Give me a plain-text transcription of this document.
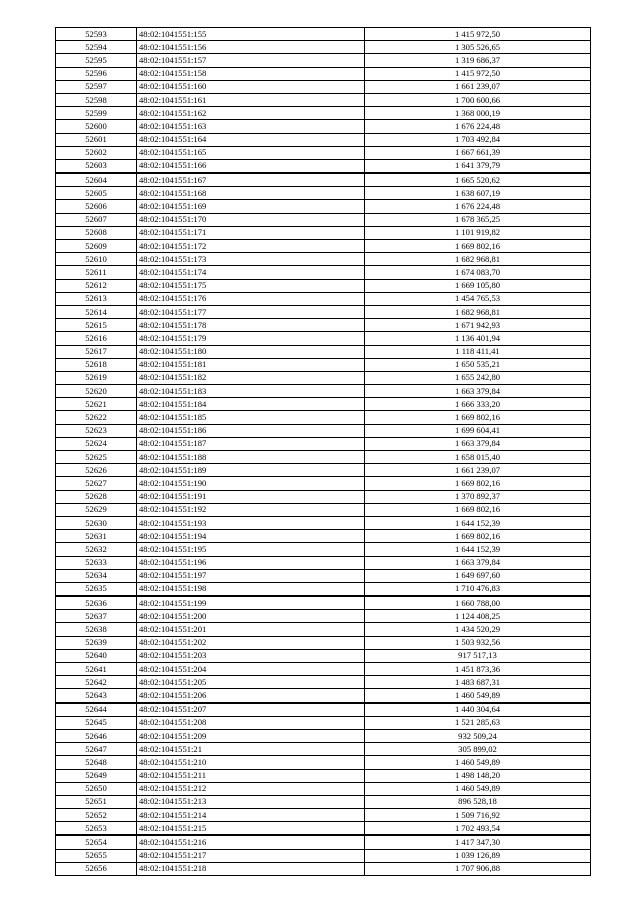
52593	48:02:1041551:155	1 415 972,50
52594	48:02:1041551:156	1 305 526,65
52595	48:02:1041551:157	1 319 686,37
52596	48:02:1041551:158	1 415 972,50
52597	48:02:1041551:160	1 661 239,07
52598	48:02:1041551:161	1 700 600,66
52599	48:02:1041551:162	1 368 000,19
52600	48:02:1041551:163	1 676 224,48
52601	48:02:1041551:164	1 703 492,84
52602	48:02:1041551:165	1 667 661,39
52603	48:02:1041551:166	1 641 379,79
52604	48:02:1041551:167	1 665 520,62
52605	48:02:1041551:168	1 638 607,19
52606	48:02:1041551:169	1 676 224,48
52607	48:02:1041551:170	1 678 365,25
52608	48:02:1041551:171	1 101 919,82
52609	48:02:1041551:172	1 669 802,16
52610	48:02:1041551:173	1 682 968,81
52611	48:02:1041551:174	1 674 083,70
52612	48:02:1041551:175	1 669 105,80
52613	48:02:1041551:176	1 454 765,53
52614	48:02:1041551:177	1 682 968,81
52615	48:02:1041551:178	1 671 942,93
52616	48:02:1041551:179	1 136 401,94
52617	48:02:1041551:180	1 118 411,41
52618	48:02:1041551:181	1 650 535,21
52619	48:02:1041551:182	1 655 242,80
52620	48:02:1041551:183	1 663 379,84
52621	48:02:1041551:184	1 666 333,20
52622	48:02:1041551:185	1 669 802,16
52623	48:02:1041551:186	1 699 604,41
52624	48:02:1041551:187	1 663 379,84
52625	48:02:1041551:188	1 658 015,40
52626	48:02:1041551:189	1 661 239,07
52627	48:02:1041551:190	1 669 802,16
52628	48:02:1041551:191	1 370 892,37
52629	48:02:1041551:192	1 669 802,16
52630	48:02:1041551:193	1 644 152,39
52631	48:02:1041551:194	1 669 802,16
52632	48:02:1041551:195	1 644 152,39
52633	48:02:1041551:196	1 663 379,84
52634	48:02:1041551:197	1 649 697,60
52635	48:02:1041551:198	1 710 476,83
52636	48:02:1041551:199	1 660 788,00
52637	48:02:1041551:200	1 124 408,25
52638	48:02:1041551:201	1 434 520,29
52639	48:02:1041551:202	1 503 932,56
52640	48:02:1041551:203	917 517,13
52641	48:02:1041551:204	1 451 873,36
52642	48:02:1041551:205	1 483 687,31
52643	48:02:1041551:206	1 460 549,89
52644	48:02:1041551:207	1 440 304,64
52645	48:02:1041551:208	1 521 285,63
52646	48:02:1041551:209	932 509,24
52647	48:02:1041551:21	305 899,02
52648	48:02:1041551:210	1 460 549,89
52649	48:02:1041551:211	1 498 148,20
52650	48:02:1041551:212	1 460 549,89
52651	48:02:1041551:213	896 528,18
52652	48:02:1041551:214	1 509 716,92
52653	48:02:1041551:215	1 702 493,54
52654	48:02:1041551:216	1 417 347,30
52655	48:02:1041551:217	1 039 126,89
52656	48:02:1041551:218	1 707 906,88
